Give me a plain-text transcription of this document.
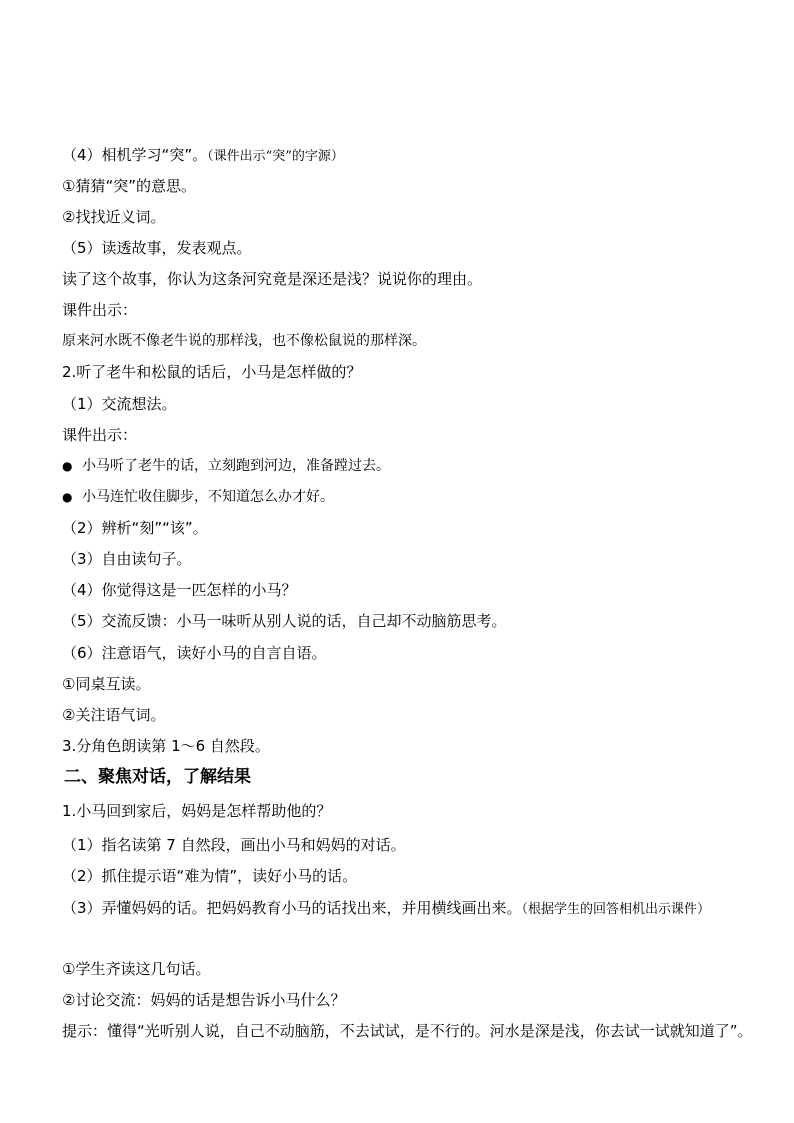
（4）相机学习“突”。（课件出示“突”的字源）
①猜猜“突”的意思。
②找找近义词。
（5）读透故事，发表观点。
读了这个故事，你认为这条河究竟是深还是浅？说说你的理由。
课件出示：
原来河水既不像老牛说的那样浅，也不像松鼠说的那样深。
2.听了老牛和松鼠的话后，小马是怎样做的？
（1）交流想法。
课件出示：
● 小马听了老牛的话，立刻跑到河边，准备蹚过去。
● 小马连忙收住脚步，不知道怎么办才好。
（2）辨析“刻”“该”。
（3）自由读句子。
（4）你觉得这是一匹怎样的小马？
（5）交流反馈：小马一味听从别人说的话，自己却不动脑筋思考。
（6）注意语气，读好小马的自言自语。
①同桌互读。
②关注语气词。
3.分角色朗读第 1～6 自然段。
二、聚焦对话，了解结果
1.小马回到家后，妈妈是怎样帮助他的？
（1）指名读第 7 自然段，画出小马和妈妈的对话。
（2）抓住提示语“难为情”，读好小马的话。
（3）弄懂妈妈的话。把妈妈教育小马的话找出来，并用横线画出来。（根据学生的回答相机出示课件）
①学生齐读这几句话。
②讨论交流：妈妈的话是想告诉小马什么？
提示：懂得“光听别人说，自己不动脑筋，不去试试，是不行的。河水是深是浅，你去试一试就知道了”。
